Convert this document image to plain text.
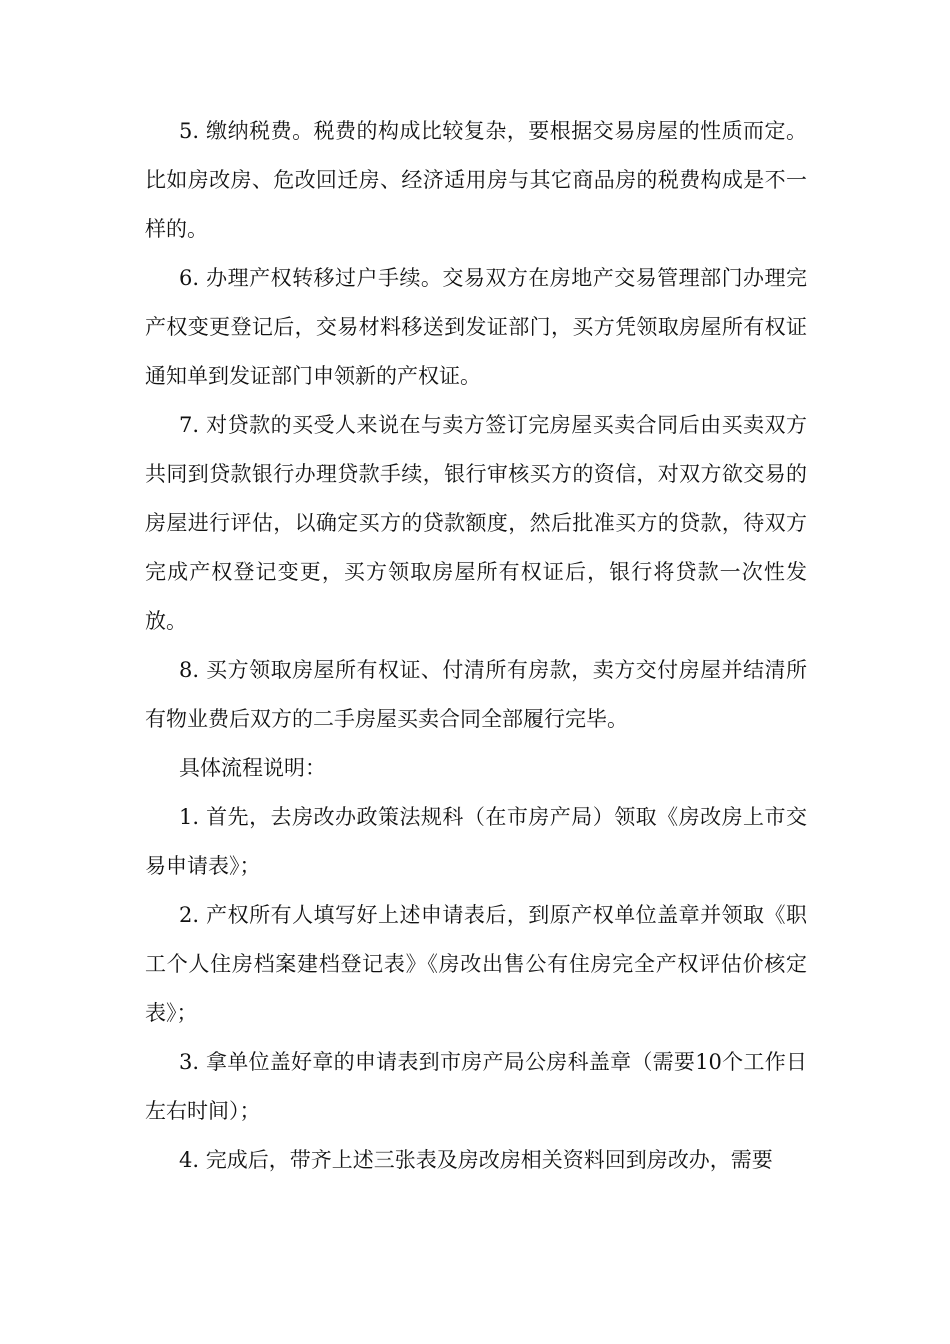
5. 缴纳税费。税费的构成比较复杂，要根据交易房屋的性质而定。比如房改房、危改回迁房、经济适用房与其它商品房的税费构成是不一样的。

6. 办理产权转移过户手续。交易双方在房地产交易管理部门办理完产权变更登记后，交易材料移送到发证部门，买方凭领取房屋所有权证通知单到发证部门申领新的产权证。

7. 对贷款的买受人来说在与卖方签订完房屋买卖合同后由买卖双方共同到贷款银行办理贷款手续，银行审核买方的资信，对双方欲交易的房屋进行评估，以确定买方的贷款额度，然后批准买方的贷款，待双方完成产权登记变更，买方领取房屋所有权证后，银行将贷款一次性发放。

8. 买方领取房屋所有权证、付清所有房款，卖方交付房屋并结清所有物业费后双方的二手房屋买卖合同全部履行完毕。

具体流程说明：

1. 首先，去房改办政策法规科（在市房产局）领取《房改房上市交易申请表》；

2. 产权所有人填写好上述申请表后，到原产权单位盖章并领取《职工个人住房档案建档登记表》《房改出售公有住房完全产权评估价核定表》；

3. 拿单位盖好章的申请表到市房产局公房科盖章（需要10个工作日左右时间）；

4. 完成后，带齐上述三张表及房改房相关资料回到房改办，需要
